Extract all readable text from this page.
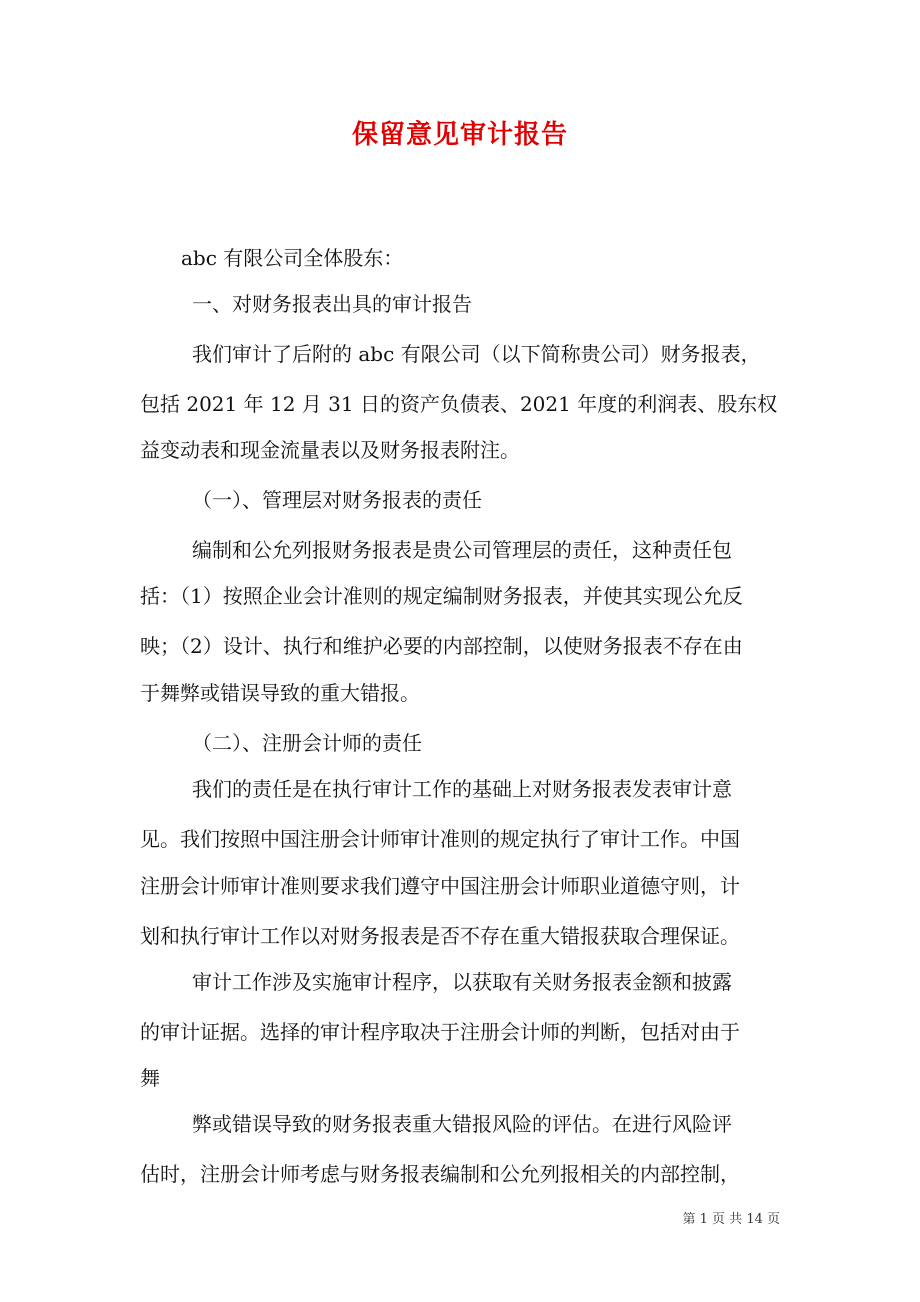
保留意见审计报告
abc 有限公司全体股东：
一、对财务报表出具的审计报告
我们审计了后附的 abc 有限公司（以下简称贵公司）财务报表，
包括 2021 年 12 月 31 日的资产负债表、2021 年度的利润表、股东权
益变动表和现金流量表以及财务报表附注。
（一）、管理层对财务报表的责任
编制和公允列报财务报表是贵公司管理层的责任，这种责任包
括：（1）按照企业会计准则的规定编制财务报表，并使其实现公允反
映；（2）设计、执行和维护必要的内部控制，以使财务报表不存在由
于舞弊或错误导致的重大错报。
（二）、注册会计师的责任
我们的责任是在执行审计工作的基础上对财务报表发表审计意
见。我们按照中国注册会计师审计准则的规定执行了审计工作。中国
注册会计师审计准则要求我们遵守中国注册会计师职业道德守则，计
划和执行审计工作以对财务报表是否不存在重大错报获取合理保证。
审计工作涉及实施审计程序，以获取有关财务报表金额和披露
的审计证据。选择的审计程序取决于注册会计师的判断，包括对由于
舞
弊或错误导致的财务报表重大错报风险的评估。在进行风险评
估时，注册会计师考虑与财务报表编制和公允列报相关的内部控制，
第 1 页 共 14 页
